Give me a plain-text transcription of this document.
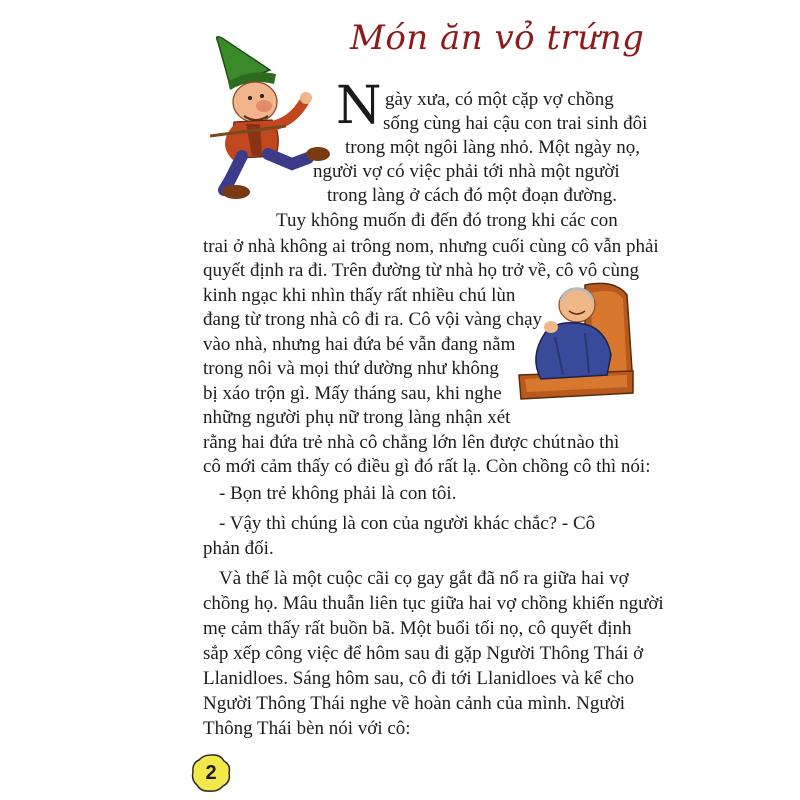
Món ăn vỏ trứng
N gày xưa, có một cặp vợ chồng
sống cùng hai cậu con trai sinh đôi
trong một ngôi làng nhỏ. Một ngày nọ,
người vợ có việc phải tới nhà một người
trong làng ở cách đó một đoạn đường.
Tuy không muốn đi đến đó trong khi các con
trai ở nhà không ai trông nom, nhưng cuối cùng cô vẫn phải
quyết định ra đi. Trên đường từ nhà họ trở về, cô vô cùng
kinh ngạc khi nhìn thấy rất nhiều chú lùn
đang từ trong nhà cô đi ra. Cô vội vàng chạy
vào nhà, nhưng hai đứa bé vẫn đang nằm
trong nôi và mọi thứ dường như không
bị xáo trộn gì. Mấy tháng sau, khi nghe
những người phụ nữ trong làng nhận xét
rằng hai đứa trẻ nhà cô chẳng lớn lên được chút nào thì
cô mới cảm thấy có điều gì đó rất lạ. Còn chồng cô thì nói:
- Bọn trẻ không phải là con tôi.
- Vậy thì chúng là con của người khác chắc? - Cô
phản đối.
Và thế là một cuộc cãi cọ gay gắt đã nổ ra giữa hai vợ
chồng họ. Mâu thuẫn liên tục giữa hai vợ chồng khiến người
mẹ cảm thấy rất buồn bã. Một buổi tối nọ, cô quyết định
sắp xếp công việc để hôm sau đi gặp Người Thông Thái ở
Llanidloes. Sáng hôm sau, cô đi tới Llanidloes và kể cho
Người Thông Thái nghe về hoàn cảnh của mình. Người
Thông Thái bèn nói với cô:
2
